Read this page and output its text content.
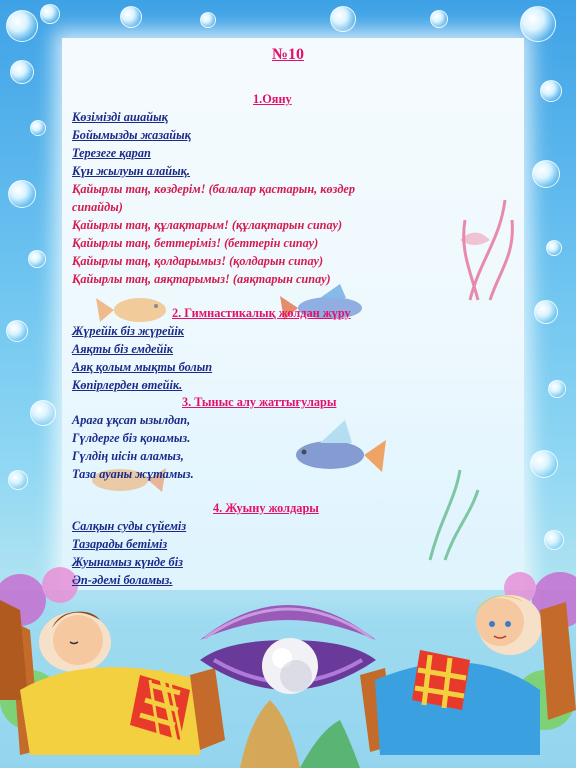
№10
1.Ояну

Көзімізді ашайық

Бойымызды жазайық

Терезеге қарап

Күн жылуын алайық.

Қайырлы таң, көздерім! (балалар қастарын, көздер

сипайды)

Қайырлы таң, құлақтарым! (құлақтарын сипау)

Қайырлы таң, беттеріміз! (беттерін сипау)

Қайырлы таң, қолдарымыз! (қолдарын сипау)

Қайырлы таң, аяқтарымыз! (аяқтарын сипау)

2. Гимнастикалық жолдан жүру

Жүрейік біз жүрейік

Аяқты біз емдейік

Аяқ қолым мықты болып

Көпірлерден өтейік.

3. Тыныс алу жаттығулары

Араға ұқсап ызылдап,

Гүлдерге біз қонамыз.

Гүлдің иісін аламыз,

Таза ауаны жұтамыз.

4. Жуыну жолдары

Салқын суды сүйеміз

Тазарады бетіміз

Жуынамыз күнде біз

Әп-әдемі боламыз.
